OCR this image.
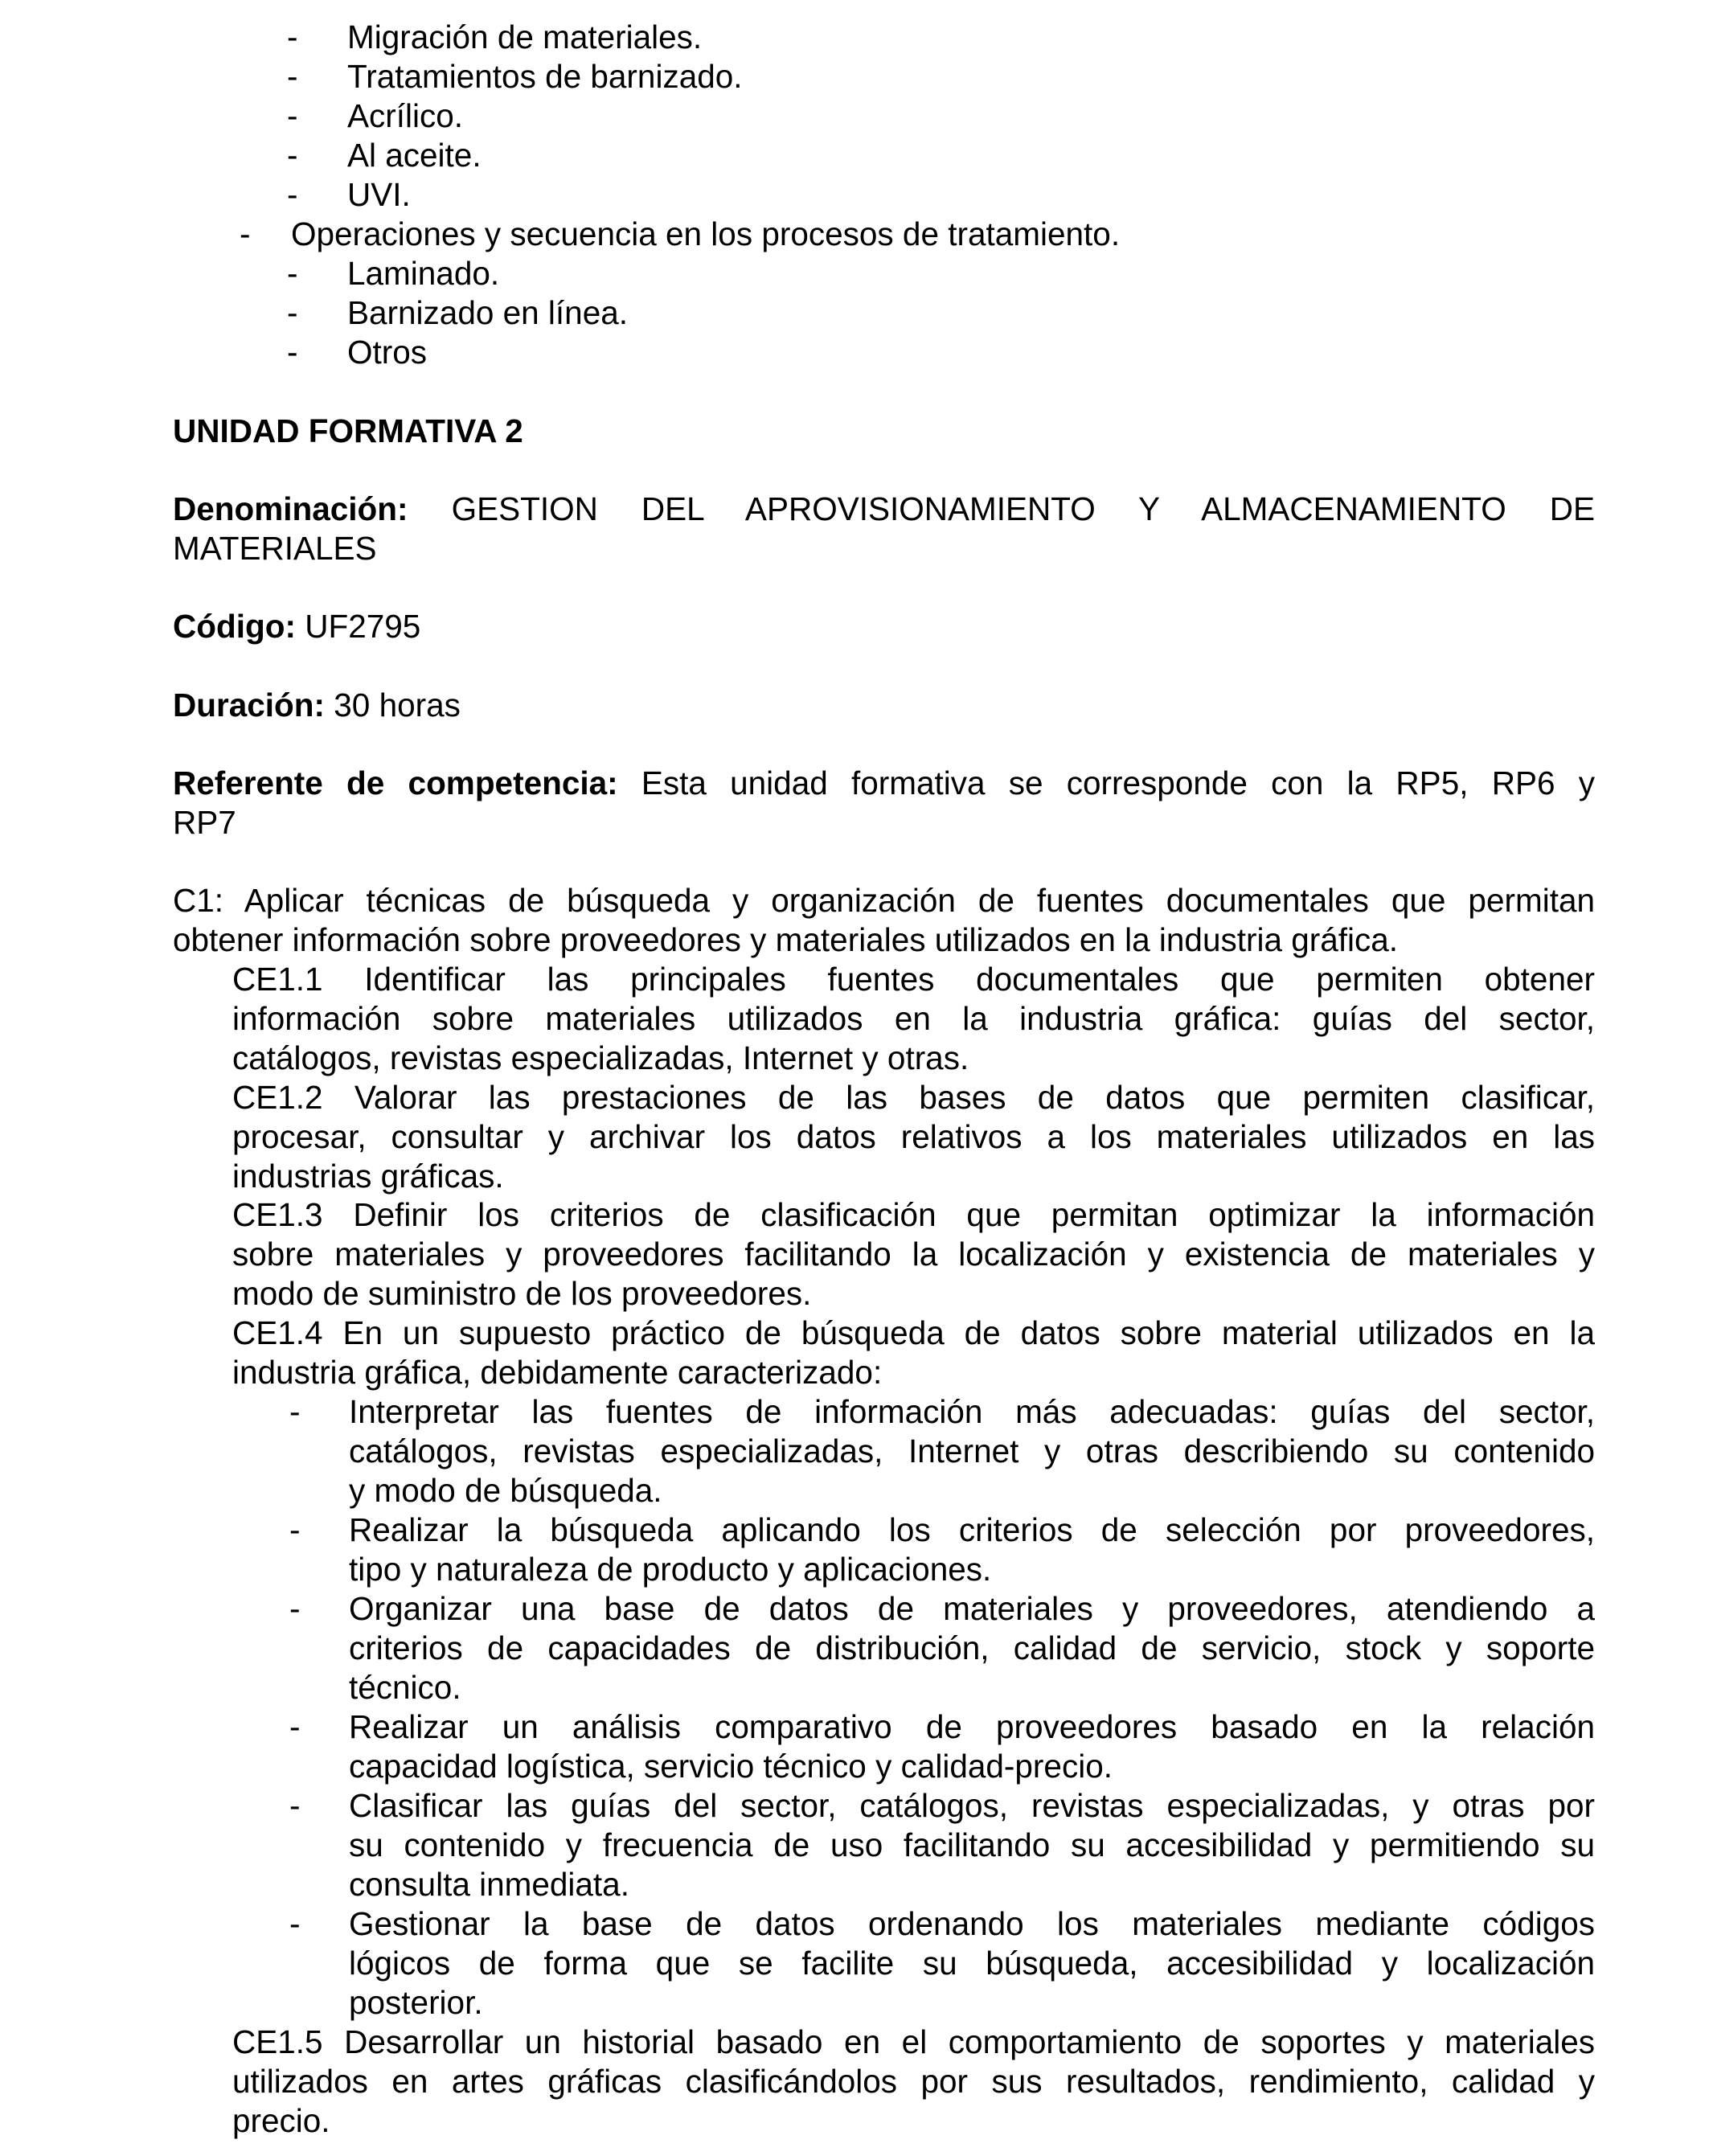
- Migración de materiales.
- Tratamientos de barnizado.
- Acrílico.
- Al aceite.
- UVI.
- Operaciones y secuencia en los procesos de tratamiento.
- Laminado.
- Barnizado en línea.
- Otros
UNIDAD FORMATIVA 2
Denominación: GESTION DEL APROVISIONAMIENTO Y ALMACENAMIENTO DE
MATERIALES
Código: UF2795
Duración: 30 horas
Referente de competencia: Esta unidad formativa se corresponde con la RP5, RP6 y
RP7
C1: Aplicar técnicas de búsqueda y organización de fuentes documentales que permitan
obtener información sobre proveedores y materiales utilizados en la industria gráfica.
CE1.1 Identificar las principales fuentes documentales que permiten obtener
información sobre materiales utilizados en la industria gráfica: guías del sector,
catálogos, revistas especializadas, Internet y otras.
CE1.2 Valorar las prestaciones de las bases de datos que permiten clasificar,
procesar, consultar y archivar los datos relativos a los materiales utilizados en las
industrias gráficas.
CE1.3 Definir los criterios de clasificación que permitan optimizar la información
sobre materiales y proveedores facilitando la localización y existencia de materiales y
modo de suministro de los proveedores.
CE1.4 En un supuesto práctico de búsqueda de datos sobre material utilizados en la
industria gráfica, debidamente caracterizado:
- Interpretar las fuentes de información más adecuadas: guías del sector,
catálogos, revistas especializadas, Internet y otras describiendo su contenido
y modo de búsqueda.
- Realizar la búsqueda aplicando los criterios de selección por proveedores,
tipo y naturaleza de producto y aplicaciones.
- Organizar una base de datos de materiales y proveedores, atendiendo a
criterios de capacidades de distribución, calidad de servicio, stock y soporte
técnico.
- Realizar un análisis comparativo de proveedores basado en la relación
capacidad logística, servicio técnico y calidad-precio.
- Clasificar las guías del sector, catálogos, revistas especializadas, y otras por
su contenido y frecuencia de uso facilitando su accesibilidad y permitiendo su
consulta inmediata.
- Gestionar la base de datos ordenando los materiales mediante códigos
lógicos de forma que se facilite su búsqueda, accesibilidad y localización
posterior.
CE1.5 Desarrollar un historial basado en el comportamiento de soportes y materiales
utilizados en artes gráficas clasificándolos por sus resultados, rendimiento, calidad y
precio.
